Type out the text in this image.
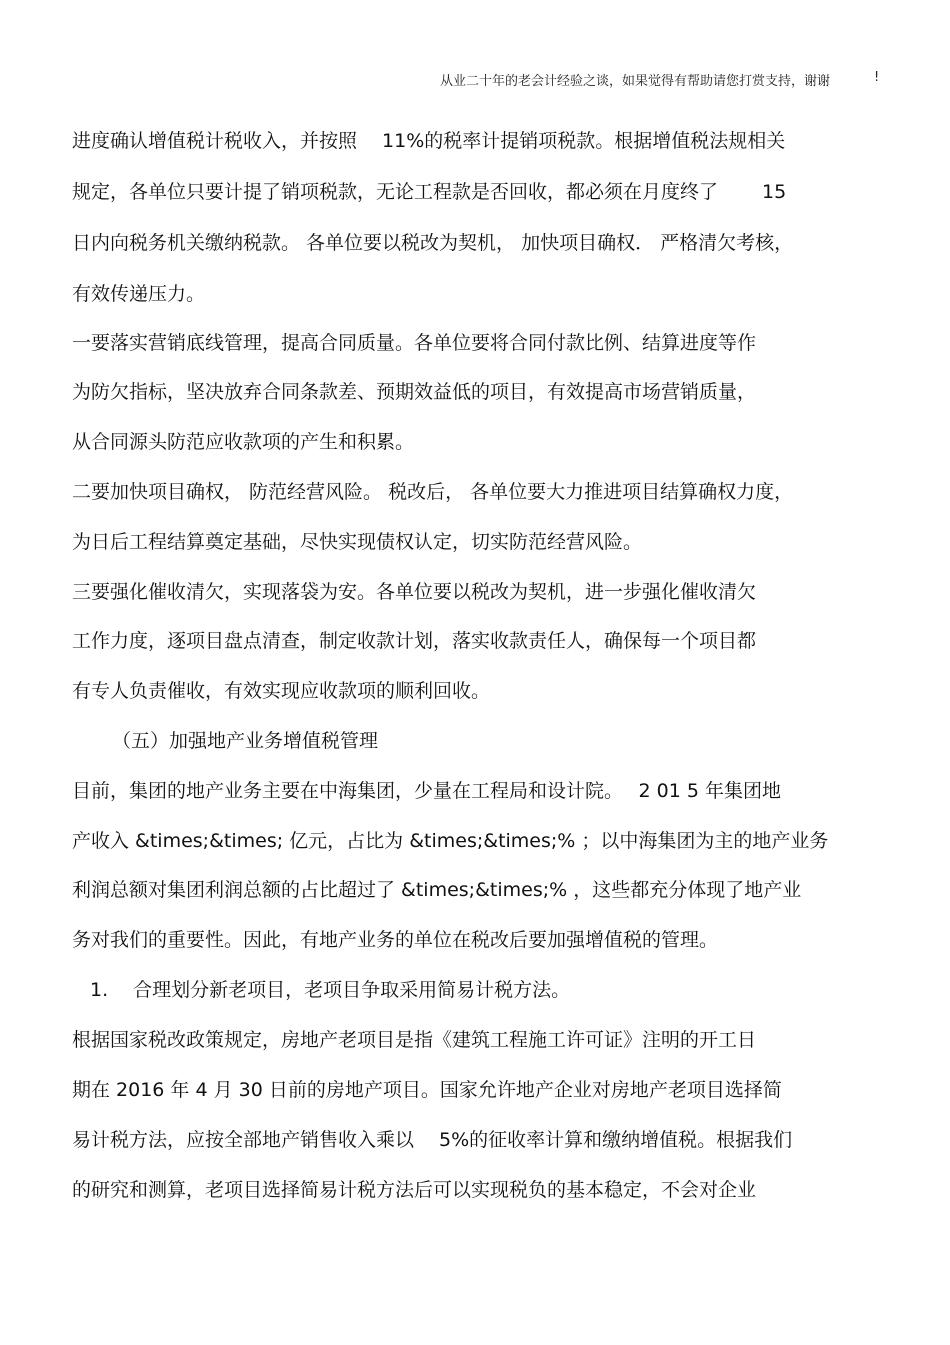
从业二十年的老会计经验之谈，如果觉得有帮助请您打赏支持，谢谢	!
进度确认增值税计税收入，并按照　 11%的税率计提销项税款。根据增值税法规相关
规定，各单位只要计提了销项税款，无论工程款是否回收，都必须在月度终了　　 15
日内向税务机关缴纳税款。 各单位要以税改为契机， 加快项目确权． 严格清欠考核，
有效传递压力。
一要落实营销底线管理，提高合同质量。各单位要将合同付款比例、结算进度等作
为防欠指标，坚决放弃合同条款差、预期效益低的项目，有效提高市场营销质量，
从合同源头防范应收款项的产生和积累。
二要加快项目确权， 防范经营风险。 税改后， 各单位要大力推进项目结算确权力度，
为日后工程结算奠定基础，尽快实现债权认定，切实防范经营风险。
三要强化催收清欠，实现落袋为安。各单位要以税改为契机，进一步强化催收清欠
工作力度，逐项目盘点清查，制定收款计划，落实收款责任人，确保每一个项目都
有专人负责催收，有效实现应收款项的顺利回收。
（五）加强地产业务增值税管理
目前，集团的地产业务主要在中海集团，少量在工程局和设计院。　 2 01 5 年集团地
产收入 &times;&times; 亿元，占比为 &times;&times;% ；以中海集团为主的地产业务
利润总额对集团利润总额的占比超过了 &times;&times;% ，这些都充分体现了地产业
务对我们的重要性。因此，有地产业务的单位在税改后要加强增值税的管理。
1.　 合理划分新老项目，老项目争取采用简易计税方法。
根据国家税改政策规定，房地产老项目是指《建筑工程施工许可证》注明的开工日
期在 2016 年 4 月 30 日前的房地产项目。国家允许地产企业对房地产老项目选择简
易计税方法，应按全部地产销售收入乘以　 5%的征收率计算和缴纳增值税。根据我们
的研究和测算，老项目选择简易计税方法后可以实现税负的基本稳定，不会对企业
